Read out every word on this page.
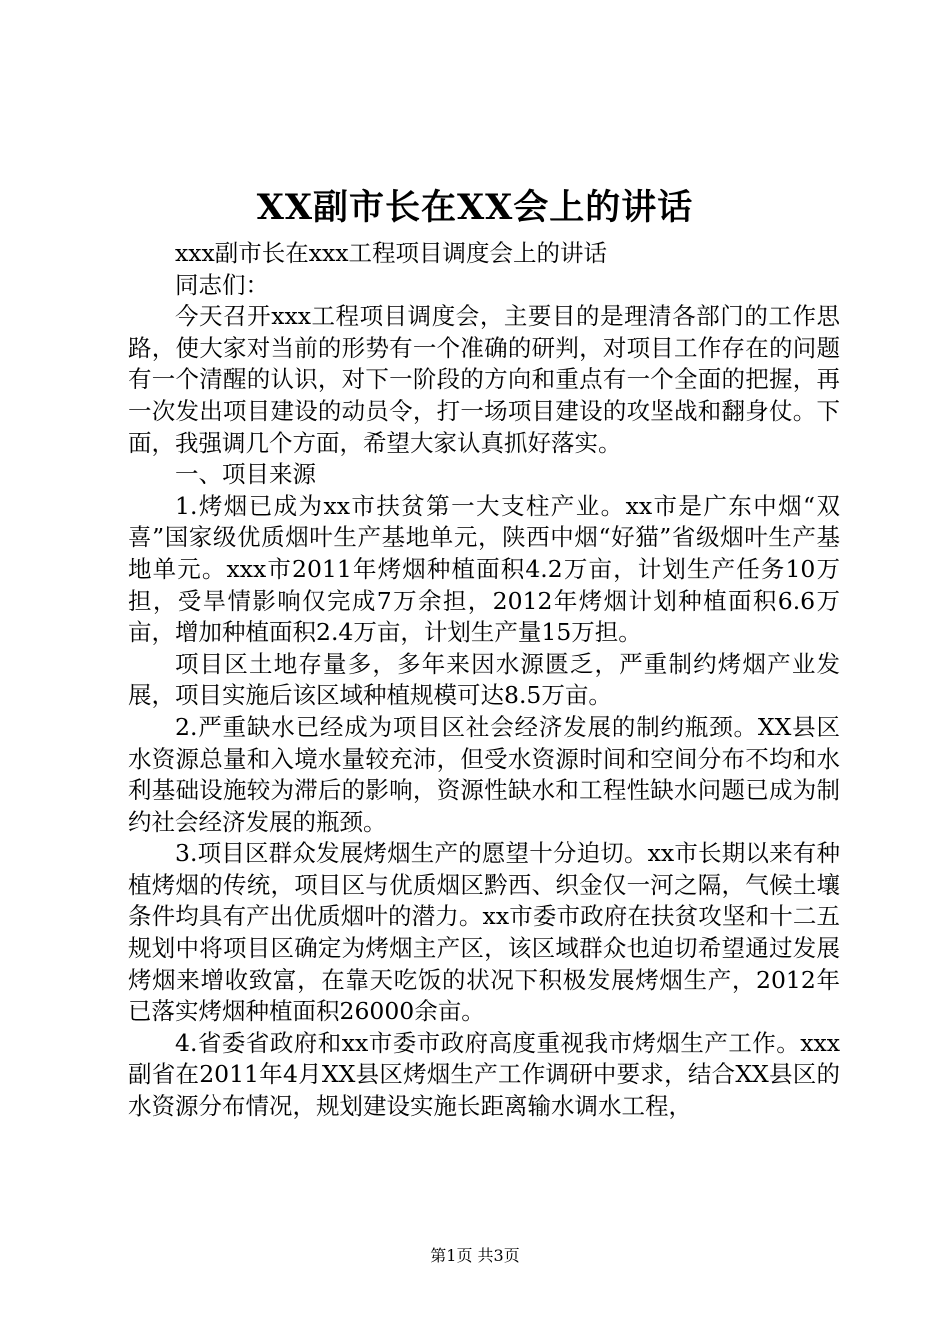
XX副市长在XX会上的讲话

xxx副市长在xxx工程项目调度会上的讲话

同志们：

今天召开xxx工程项目调度会，主要目的是理清各部门的工作思路，使大家对当前的形势有一个准确的研判，对项目工作存在的问题有一个清醒的认识，对下一阶段的方向和重点有一个全面的把握，再一次发出项目建设的动员令，打一场项目建设的攻坚战和翻身仗。下面，我强调几个方面，希望大家认真抓好落实。

一、项目来源

1.烤烟已成为xx市扶贫第一大支柱产业。xx市是广东中烟“双喜”国家级优质烟叶生产基地单元，陕西中烟“好猫”省级烟叶生产基地单元。xxx市2011年烤烟种植面积4.2万亩，计划生产任务10万担，受旱情影响仅完成7万余担，2012年烤烟计划种植面积6.6万亩，增加种植面积2.4万亩，计划生产量15万担。

项目区土地存量多，多年来因水源匮乏，严重制约烤烟产业发展，项目实施后该区域种植规模可达8.5万亩。

2.严重缺水已经成为项目区社会经济发展的制约瓶颈。XX县区水资源总量和入境水量较充沛，但受水资源时间和空间分布不均和水利基础设施较为滞后的影响，资源性缺水和工程性缺水问题已成为制约社会经济发展的瓶颈。

3.项目区群众发展烤烟生产的愿望十分迫切。xx市长期以来有种植烤烟的传统，项目区与优质烟区黔西、织金仅一河之隔，气候土壤条件均具有产出优质烟叶的潜力。xx市委市政府在扶贫攻坚和十二五规划中将项目区确定为烤烟主产区，该区域群众也迫切希望通过发展烤烟来增收致富，在靠天吃饭的状况下积极发展烤烟生产，2012年已落实烤烟种植面积26000余亩。

4.省委省政府和xx市委市政府高度重视我市烤烟生产工作。xxx副省在2011年4月XX县区烤烟生产工作调研中要求，结合XX县区的水资源分布情况，规划建设实施长距离输水调水工程，

第1页 共3页
